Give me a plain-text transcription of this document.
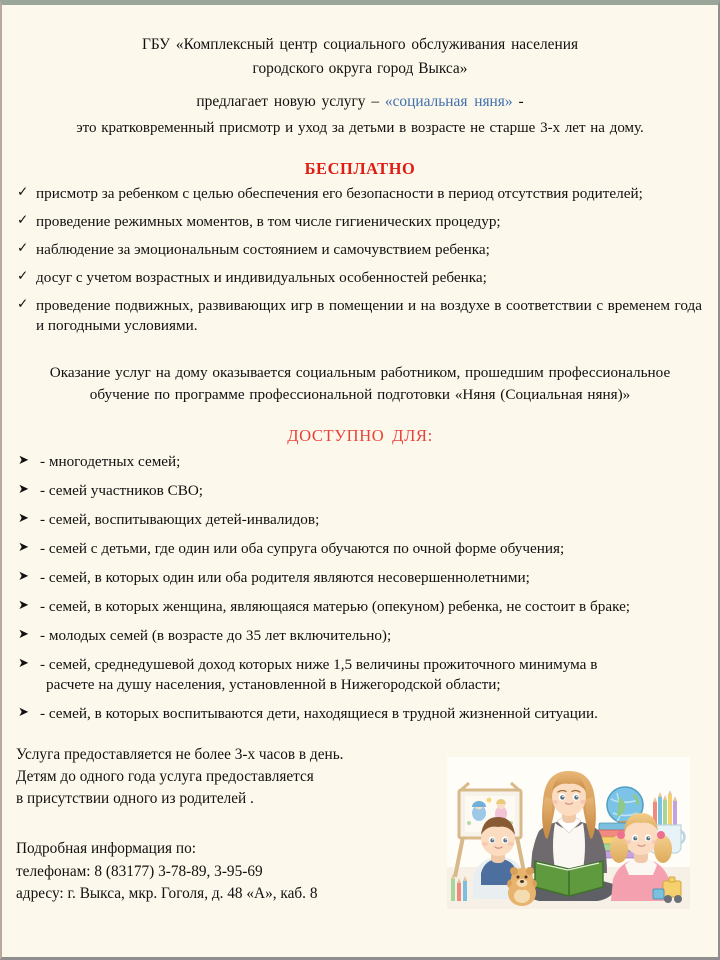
ГБУ «Комплексный центр социального обслуживания населения
городского округа город Выкса»
предлагает новую услугу – «социальная няня» -
это кратковременный присмотр и уход за детьми в возрасте не старше 3-х лет на дому.
БЕСПЛАТНО
✓ присмотр за ребенком с целью обеспечения его безопасности в период отсутствия родителей;
✓ проведение режимных моментов, в том числе гигиенических процедур;
✓ наблюдение за эмоциональным состоянием и самочувствием ребенка;
✓ досуг с учетом возрастных и индивидуальных особенностей ребенка;
✓ проведение подвижных, развивающих игр в помещении и на воздухе в соответствии с временем года и погодными условиями.
Оказание услуг на дому оказывается социальным работником, прошедшим профессиональное обучение по программе профессиональной подготовки «Няня (Социальная няня)»
ДОСТУПНО ДЛЯ:
➤ - многодетных семей;
➤ - семей участников СВО;
➤ - семей, воспитывающих детей-инвалидов;
➤ - семей с детьми, где один или оба супруга обучаются по очной форме обучения;
➤ - семей, в которых один или оба родителя являются несовершеннолетними;
➤ - семей, в которых женщина, являющаяся матерью (опекуном) ребенка, не состоит в браке;
➤ - молодых семей (в возрасте до 35 лет включительно);
➤ - семей, среднедушевой доход которых ниже 1,5 величины прожиточного минимума в
расчете на душу населения, установленной в Нижегородской области;
➤ - семей, в которых воспитываются дети, находящиеся в трудной жизненной ситуации.
Услуга предоставляется не более 3-х часов в день.
Детям до одного года услуга предоставляется
в присутствии одного из родителей .
Подробная информация по:
телефонам: 8 (83177) 3-78-89, 3-95-69
адресу: г. Выкса, мкр. Гоголя, д. 48 «А», каб. 8
